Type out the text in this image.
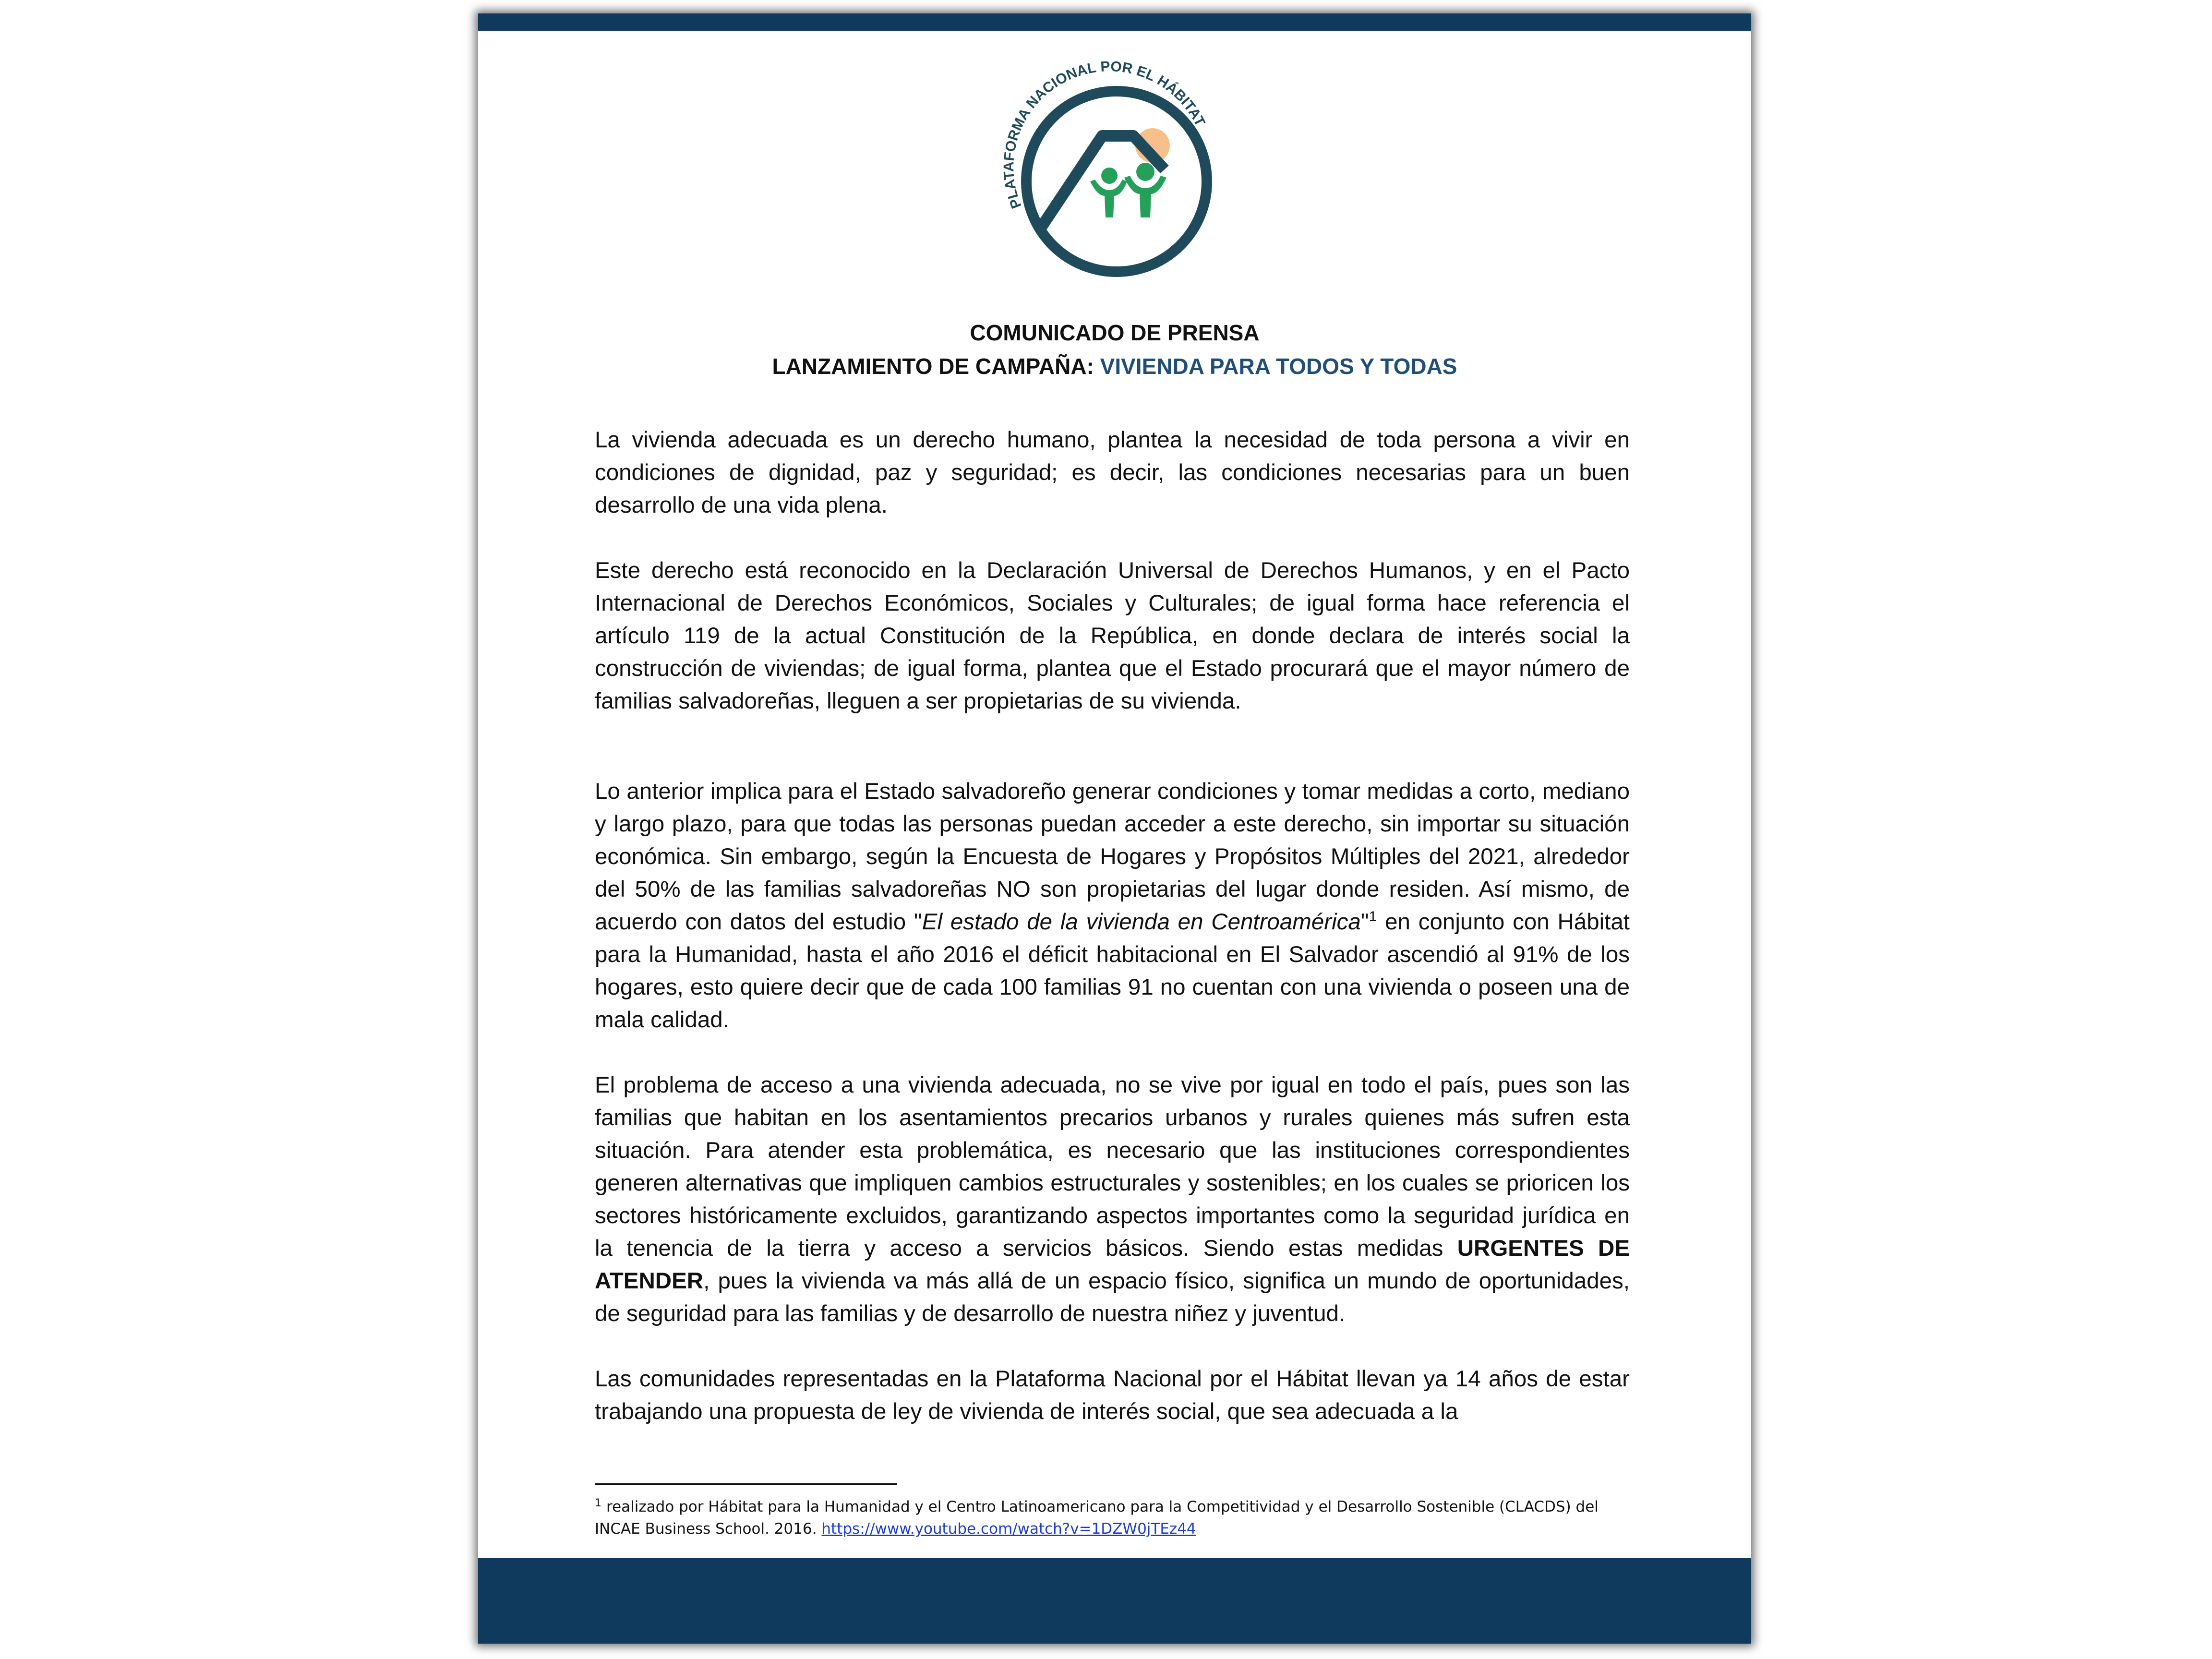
PLATAFORMA NACIONAL POR EL HÁBITAT
COMUNICADO DE PRENSA
LANZAMIENTO DE CAMPAÑA: VIVIENDA PARA TODOS Y TODAS

La vivienda adecuada es un derecho humano, plantea la necesidad de toda persona a vivir en condiciones de dignidad, paz y seguridad; es decir, las condiciones necesarias para un buen desarrollo de una vida plena.

Este derecho está reconocido en la Declaración Universal de Derechos Humanos, y en el Pacto Internacional de Derechos Económicos, Sociales y Culturales; de igual forma hace referencia el artículo 119 de la actual Constitución de la República, en donde declara de interés social la construcción de viviendas; de igual forma, plantea que el Estado procurará que el mayor número de familias salvadoreñas, lleguen a ser propietarias de su vivienda.

Lo anterior implica para el Estado salvadoreño generar condiciones y tomar medidas a corto, mediano y largo plazo, para que todas las personas puedan acceder a este derecho, sin importar su situación económica. Sin embargo, según la Encuesta de Hogares y Propósitos Múltiples del 2021, alrededor del 50% de las familias salvadoreñas NO son propietarias del lugar donde residen. Así mismo, de acuerdo con datos del estudio "El estado de la vivienda en Centroamérica"$^1$ en conjunto con Hábitat para la Humanidad, hasta el año 2016 el déficit habitacional en El Salvador ascendió al 91% de los hogares, esto quiere decir que de cada 100 familias 91 no cuentan con una vivienda o poseen una de mala calidad.

El problema de acceso a una vivienda adecuada, no se vive por igual en todo el país, pues son las familias que habitan en los asentamientos precarios urbanos y rurales quienes más sufren esta situación. Para atender esta problemática, es necesario que las instituciones correspondientes generen alternativas que impliquen cambios estructurales y sostenibles; en los cuales se prioricen los sectores históricamente excluidos, garantizando aspectos importantes como la seguridad jurídica en la tenencia de la tierra y acceso a servicios básicos. Siendo estas medidas URGENTES DE ATENDER, pues la vivienda va más allá de un espacio físico, significa un mundo de oportunidades, de seguridad para las familias y de desarrollo de nuestra niñez y juventud.

Las comunidades representadas en la Plataforma Nacional por el Hábitat llevan ya 14 años de estar trabajando una propuesta de ley de vivienda de interés social, que sea adecuada a la

$^1$ realizado por Hábitat para la Humanidad y el Centro Latinoamericano para la Competitividad y el Desarrollo Sostenible (CLACDS) del INCAE Business School. 2016. https://www.youtube.com/watch?v=1DZW0jTEz44
